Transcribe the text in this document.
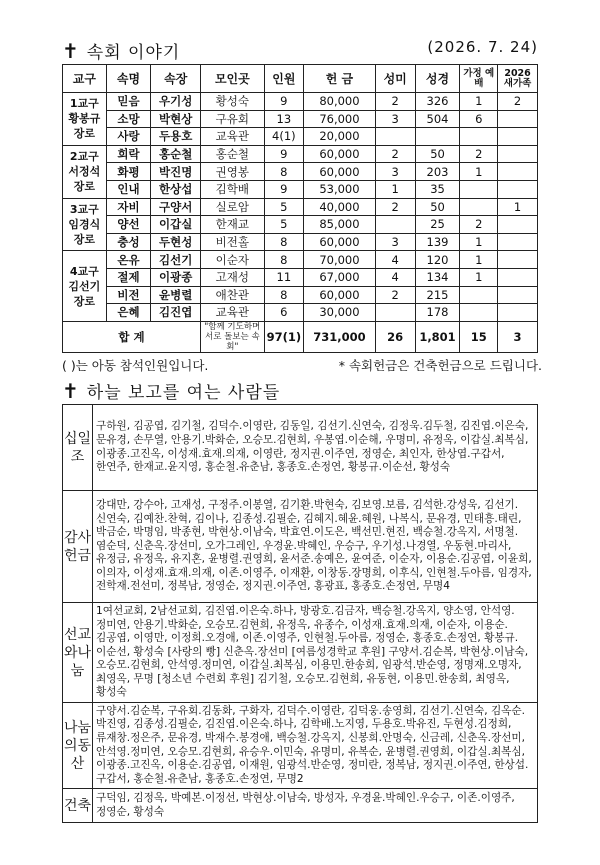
✝ 속회 이야기	(2026. 7. 24)
교구	속명	속장	모인곳	인원	헌 금	성미	성경	가정 예배	2026 새가족
1교구 황봉규 장로	믿음	우기성	황성숙	9	80,000	2	326	1	2
	소망	박현상	구유회	13	76,000	3	504	6	
	사랑	두용호	교육관	4(1)	20,000				
2교구 서정석 장로	희락	홍순철	홍순철	9	60,000	2	50	2	
	화평	박진명	권영봉	8	60,000	3	203	1	
	인내	한상섭	김학배	9	53,000	1	35		
3교구 임경식 장로	자비	구양서	실로암	5	40,000	2	50		1
	양선	이갑실	한재교	5	85,000		25	2	
	충성	두현성	비전홀	8	60,000	3	139	1	
4교구 김선기 장로	온유	김선기	이순자	8	70,000	4	120	1	
	절제	이광종	고재성	11	67,000	4	134	1	
	비전	윤병렬	애찬관	8	60,000	2	215		
	은혜	김진엽	교육관	6	30,000		178		
합 계			"함께 기도하며 서로 돌보는 속회"	97(1)	731,000	26	1,801	15	3
( )는 아동 참석인원입니다.	* 속회헌금은 건축헌금으로 드립니다.
✝ 하늘 보고를 여는 사람들
십일조	구하원, 김공엽, 김기철, 김덕수.이영란, 김동일, 김선기.신연숙, 김정욱.김두철, 김진엽.이은숙, 문유경, 손무열, 안용기.박화순, 오승모.김현희, 우봉엽.이순해, 우명미, 유정옥, 이갑실.최복심, 이광종.고진옥, 이성재.효재.의재, 이영란, 정지권.이주연, 정영순, 최인자, 한상엽.구갑서, 한연주, 한재교.윤지영, 홍순철.유춘남, 홍종호.손정연, 황봉규.이순선, 황성숙
감사헌금	강대만, 강수아, 고재성, 구정주.이봉열, 김기환.박현숙, 김보영.보름, 김석한.강성욱, 김선기.신연숙, 김예찬.찬혁, 김이나, 김종성.김필순, 김혜지.혜윤.혜원, 나복식, 문유경, 민태흥.태린, 박금순, 박명임, 박종현, 박현상.이남숙, 박효연.이도은, 백선민.현진, 백승철.강옥지, 서명철.염순덕, 신춘옥.장선미, 오가그레인, 우경윤.박혜인, 우승구, 우기성.나경열, 우동현.마리사, 유정금, 유정옥, 유지혼, 윤병렬.권영희, 윤서준.송예은, 윤여준, 이순자, 이용순.김공엽, 이윤희, 이의자, 이성재.효재.의재, 이존.이영주, 이재환, 이창동.장명희, 이후식, 인현철.두아름, 임경자, 전학재.전선미, 정복남, 정영순, 정지권.이주연, 홍광표, 홍종호.손정연, 무명4
선교와나눔	1여선교회, 2남선교회, 김진엽.이은숙.하나, 방광호.김금자, 백승철.강옥지, 양소영, 안석영.정미연, 안용기.박화순, 오승모.김현희, 유정옥, 유종수, 이성재.효재.의재, 이순자, 이용순.김공엽, 이영만, 이정희.오경애, 이존.이영주, 인현철.두아름, 정영순, 홍종호.손정연, 황봉규.이순선, 황성숙 [사랑의 빵] 신춘옥.장선미 [여름성경학교 후원] 구양서.김순복, 박현상.이남숙, 오승모.김현희, 안석영.정미연, 이갑실.최복심, 이용민.한송희, 임광석.반순영, 정명재.오명자, 최영옥, 무명 [청소년 수련회 후원] 김기철, 오승모.김현희, 유동현, 이용민.한송희, 최영옥, 황성숙
나눔의동산	구양서.김순복, 구유회.김동화, 구화자, 김덕수.이영란, 김덕웅.송영희, 김선기.신연숙, 김옥순.박진영, 김종성.김필순, 김진엽.이은숙.하나, 김학배.노지영, 두용호.박유진, 두현성.김정희, 류재창.정은주, 문유경, 박재수.봉경애, 백승철.강옥지, 신봉희.안명숙, 신금레, 신춘옥.장선미, 안석영.정미연, 오승모.김현희, 유승우.이민숙, 유명미, 유복순, 윤병렬.권영희, 이갑실.최복심, 이광종.고진옥, 이용순.김공엽, 이재원, 임광석.반순영, 정미란, 정복남, 정지권.이주연, 한상섭.구갑서, 홍순철.유춘남, 홍종호.손정연, 무명2
건축	구덕임, 김정옥, 박예본.이정선, 박현상.이남숙, 방성자, 우경윤.박혜인.우승구, 이존.이영주, 정영순, 황성숙
